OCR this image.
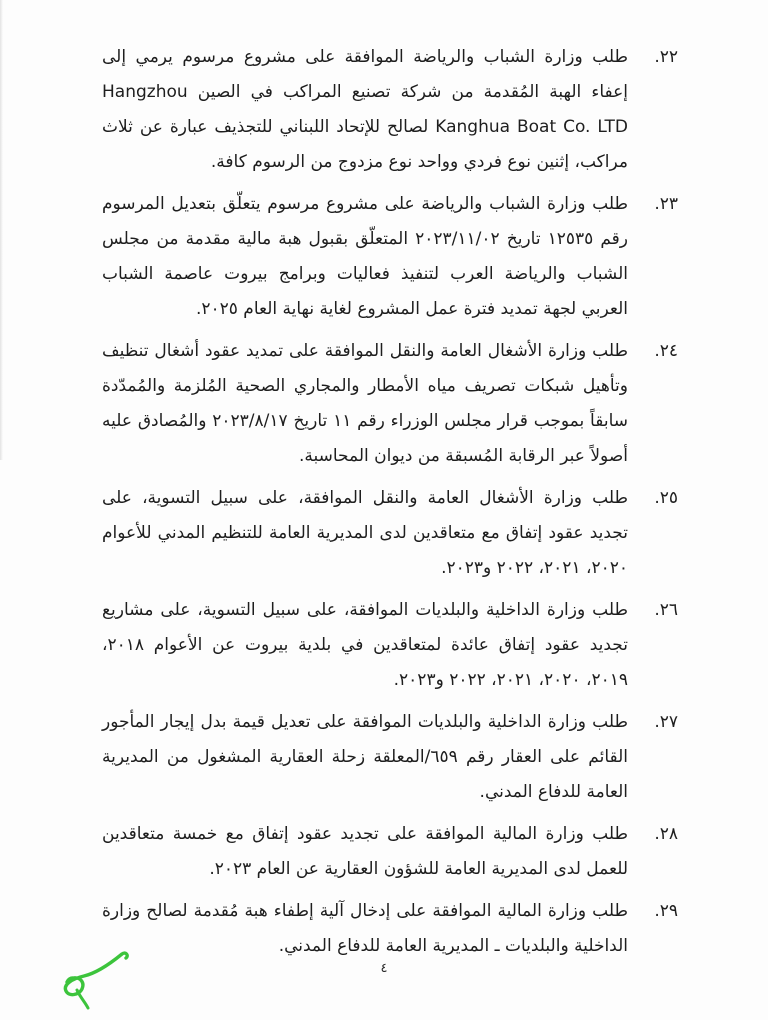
٢٢.
طلب وزارة الشباب والرياضة الموافقة على مشروع مرسوم يرمي إلى إعفاء الهبة المُقدمة من شركة تصنيع المراكب في الصين Hangzhou Kanghua Boat Co. LTD لصالح للإتحاد اللبناني للتجذيف عبارة عن ثلاث مراكب، إثنين نوع فردي وواحد نوع مزدوج من الرسوم كافة.
٢٣.
طلب وزارة الشباب والرياضة على مشروع مرسوم يتعلّق بتعديل المرسوم رقم ١٢٥٣٥ تاريخ ٢٠٢٣/١١/٠٢ المتعلّق بقبول هبة مالية مقدمة من مجلس الشباب والرياضة العرب لتنفيذ فعاليات وبرامج بيروت عاصمة الشباب العربي لجهة تمديد فترة عمل المشروع لغاية نهاية العام ٢٠٢٥.
٢٤.
طلب وزارة الأشغال العامة والنقل الموافقة على تمديد عقود أشغال تنظيف وتأهيل شبكات تصريف مياه الأمطار والمجاري الصحية المُلزمة والمُمدّدة سابقاً بموجب قرار مجلس الوزراء رقم ١١ تاريخ ٢٠٢٣/٨/١٧ والمُصادق عليه أصولاً عبر الرقابة المُسبقة من ديوان المحاسبة.
٢٥.
طلب وزارة الأشغال العامة والنقل الموافقة، على سبيل التسوية، على تجديد عقود إتفاق مع متعاقدين لدى المديرية العامة للتنظيم المدني للأعوام ٢٠٢٠، ٢٠٢١، ٢٠٢٢ و٢٠٢٣.
٢٦.
طلب وزارة الداخلية والبلديات الموافقة، على سبيل التسوية، على مشاريع تجديد عقود إتفاق عائدة لمتعاقدين في بلدية بيروت عن الأعوام ٢٠١٨، ٢٠١٩، ٢٠٢٠، ٢٠٢١، ٢٠٢٢ و٢٠٢٣.
٢٧.
طلب وزارة الداخلية والبلديات الموافقة على تعديل قيمة بدل إيجار المأجور القائم على العقار رقم ٦٥٩/المعلقة زحلة العقارية المشغول من المديرية العامة للدفاع المدني.
٢٨.
طلب وزارة المالية الموافقة على تجديد عقود إتفاق مع خمسة متعاقدين للعمل لدى المديرية العامة للشؤون العقارية عن العام ٢٠٢٣.
٢٩.
طلب وزارة المالية الموافقة على إدخال آلية إطفاء هبة مُقدمة لصالح وزارة الداخلية والبلديات ـ المديرية العامة للدفاع المدني.
٤
